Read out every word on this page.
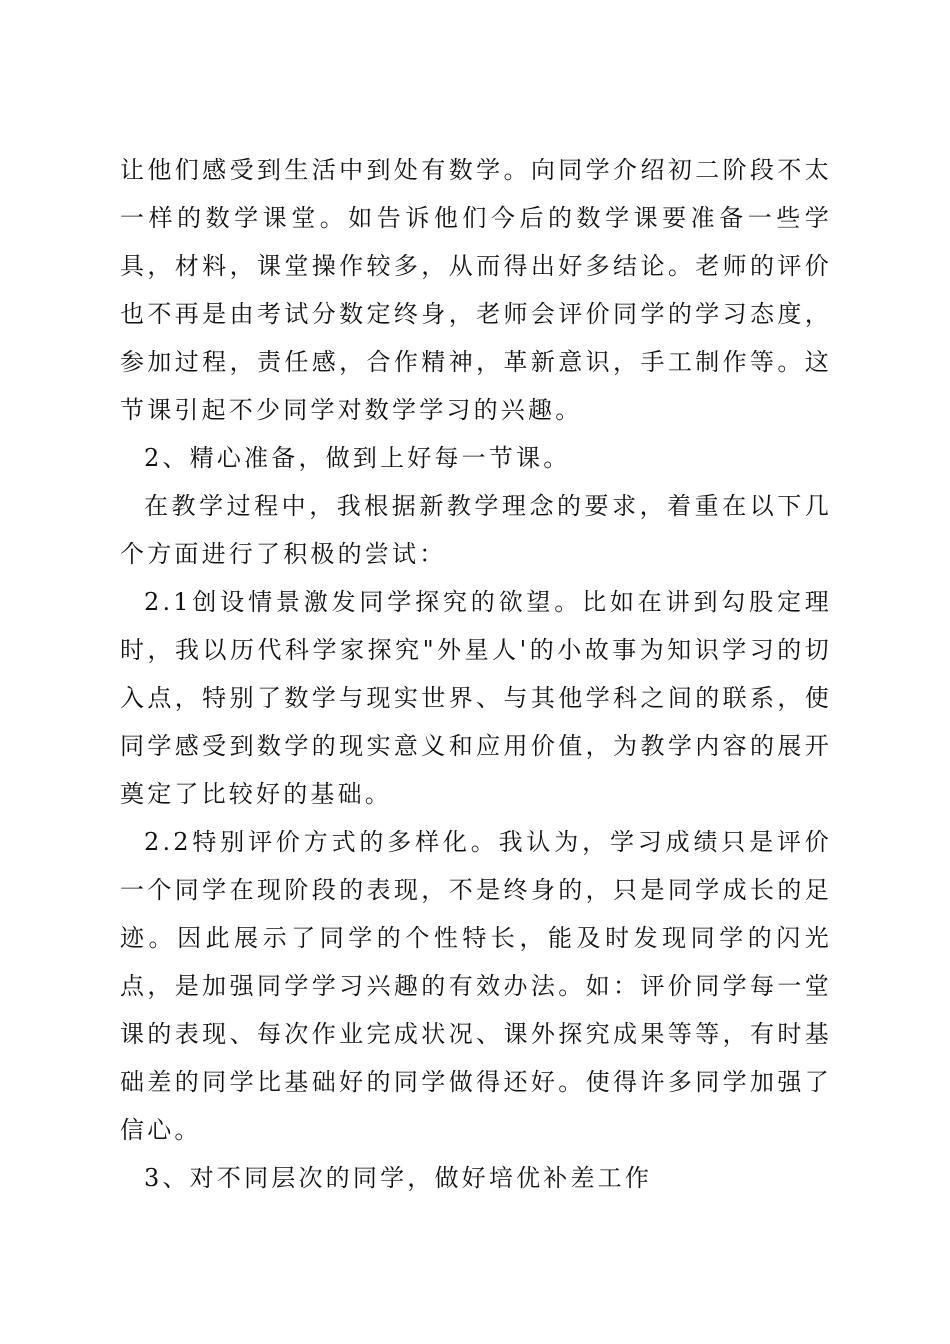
让他们感受到生活中到处有数学。向同学介绍初二阶段不太一样的数学课堂。如告诉他们今后的数学课要准备一些学具，材料，课堂操作较多，从而得出好多结论。老师的评价也不再是由考试分数定终身，老师会评价同学的学习态度，参加过程，责任感，合作精神，革新意识，手工制作等。这节课引起不少同学对数学学习的兴趣。

2、精心准备，做到上好每一节课。

在教学过程中，我根据新教学理念的要求，着重在以下几个方面进行了积极的尝试：

2.1创设情景激发同学探究的欲望。比如在讲到勾股定理时，我以历代科学家探究"外星人'的小故事为知识学习的切入点，特别了数学与现实世界、与其他学科之间的联系，使同学感受到数学的现实意义和应用价值，为教学内容的展开奠定了比较好的基础。

2.2特别评价方式的多样化。我认为，学习成绩只是评价一个同学在现阶段的表现，不是终身的，只是同学成长的足迹。因此展示了同学的个性特长，能及时发现同学的闪光点，是加强同学学习兴趣的有效办法。如：评价同学每一堂课的表现、每次作业完成状况、课外探究成果等等，有时基础差的同学比基础好的同学做得还好。使得许多同学加强了信心。

3、对不同层次的同学，做好培优补差工作
